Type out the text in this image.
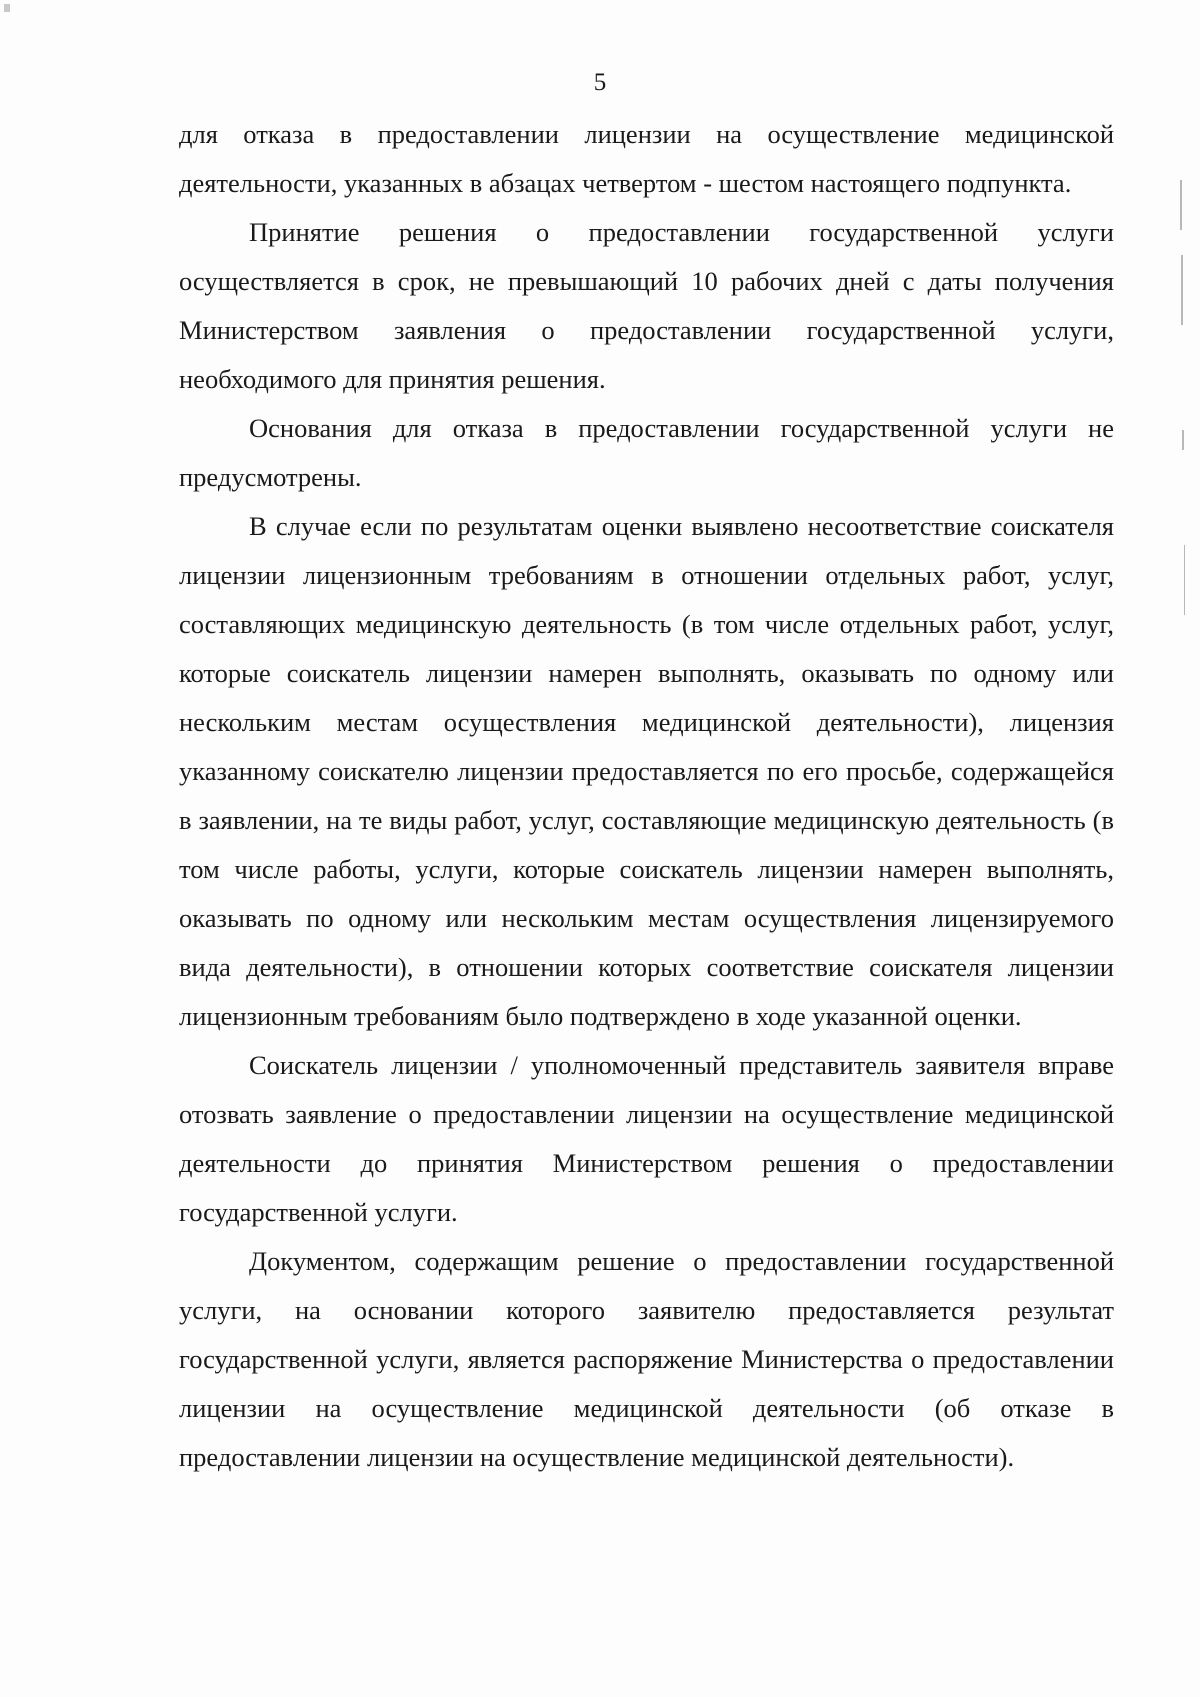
5

для отказа в предоставлении лицензии на осуществление медицинской деятельности, указанных в абзацах четвертом - шестом настоящего подпункта.

Принятие решения о предоставлении государственной услуги осуществляется в срок, не превышающий 10 рабочих дней с даты получения Министерством заявления о предоставлении государственной услуги, необходимого для принятия решения.

Основания для отказа в предоставлении государственной услуги не предусмотрены.

В случае если по результатам оценки выявлено несоответствие соискателя лицензии лицензионным требованиям в отношении отдельных работ, услуг, составляющих медицинскую деятельность (в том числе отдельных работ, услуг, которые соискатель лицензии намерен выполнять, оказывать по одному или нескольким местам осуществления медицинской деятельности), лицензия указанному соискателю лицензии предоставляется по его просьбе, содержащейся в заявлении, на те виды работ, услуг, составляющие медицинскую деятельность (в том числе работы, услуги, которые соискатель лицензии намерен выполнять, оказывать по одному или нескольким местам осуществления лицензируемого вида деятельности), в отношении которых соответствие соискателя лицензии лицензионным требованиям было подтверждено в ходе указанной оценки.

Соискатель лицензии / уполномоченный представитель заявителя вправе отозвать заявление о предоставлении лицензии на осуществление медицинской деятельности до принятия Министерством решения о предоставлении государственной услуги.

Документом, содержащим решение о предоставлении государственной услуги, на основании которого заявителю предоставляется результат государственной услуги, является распоряжение Министерства о предоставлении лицензии на осуществление медицинской деятельности (об отказе в предоставлении лицензии на осуществление медицинской деятельности).
